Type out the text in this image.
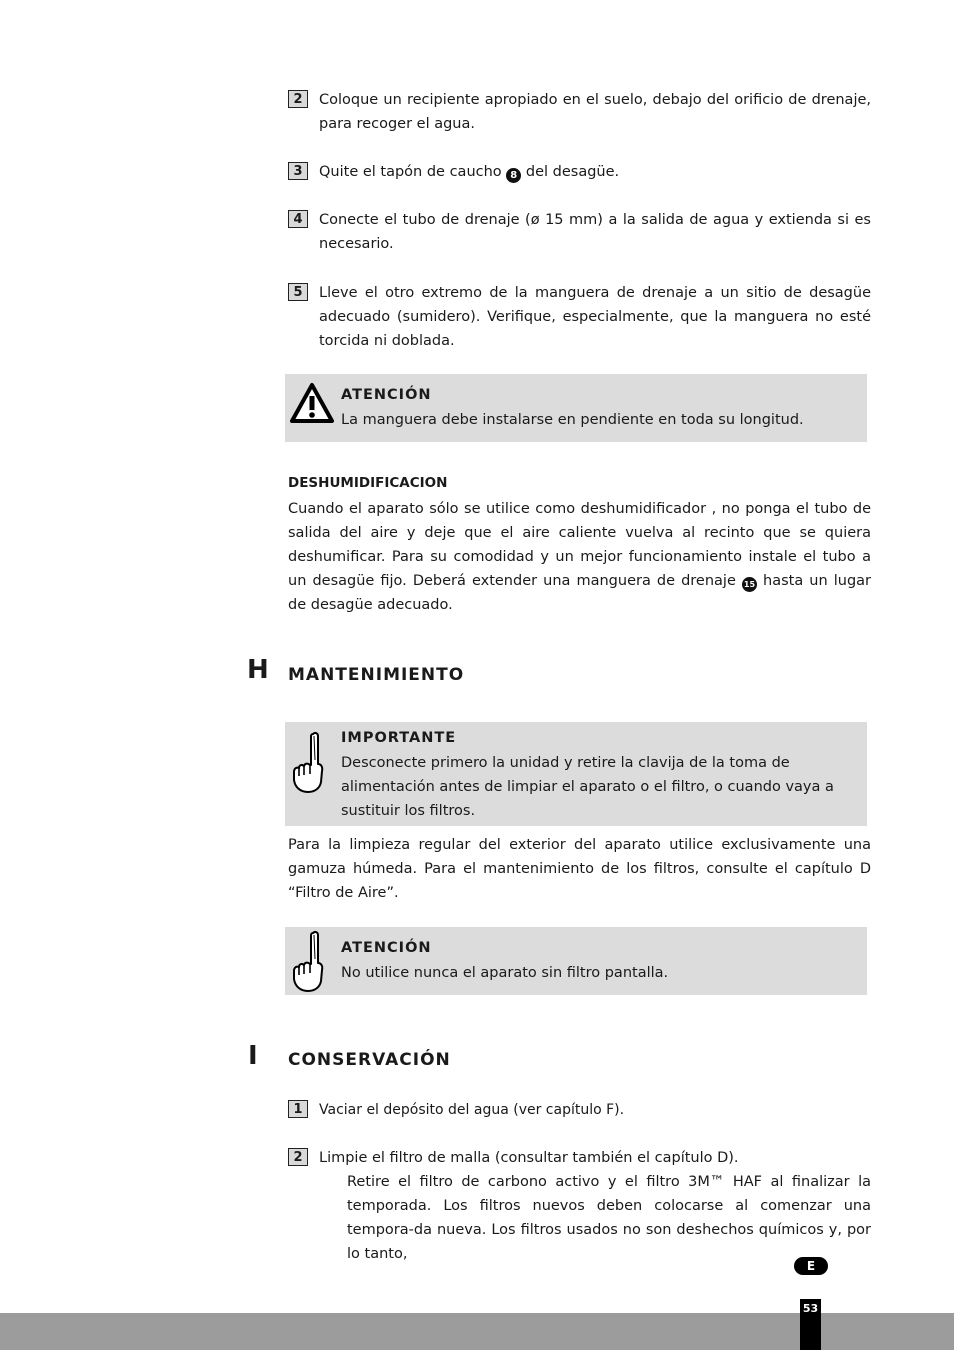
2	Coloque un recipiente apropiado en el suelo, debajo del orificio de drenaje, para recoger el agua.
3	Quite el tapón de caucho 8 del desagüe.
4	Conecte el tubo de drenaje (ø 15 mm) a la salida de agua y extienda si es necesario.
5	Lleve el otro extremo de la manguera de drenaje a un sitio de desagüe adecuado (sumidero). Verifique, especialmente, que la manguera no esté torcida ni doblada.
ATENCIÓN
La manguera debe instalarse en pendiente en toda su longitud.
DESHUMIDIFICACION
Cuando el aparato sólo se utilice como deshumidificador , no ponga el tubo de salida del aire y deje que el aire caliente vuelva al recinto que se quiera deshumificar. Para su comodidad y un mejor funcionamiento instale el tubo a un desagüe fijo. Deberá extender una manguera de drenaje 15 hasta un lugar de desagüe adecuado.
H MANTENIMIENTO
IMPORTANTE
Desconecte primero la unidad y retire la clavija de la toma de alimentación antes de limpiar el aparato o el filtro, o cuando vaya a sustituir los filtros.
Para la limpieza regular del exterior del aparato utilice exclusivamente una gamuza húmeda. Para el mantenimiento de los filtros, consulte el capítulo D “Filtro de Aire”.
ATENCIÓN
No utilice nunca el aparato sin filtro pantalla.
I CONSERVACIÓN
1	Vaciar el depósito del agua (ver capítulo F).
2	Limpie el filtro de malla (consultar también el capítulo D).
Retire el filtro de carbono activo y el filtro 3M™ HAF al finalizar la temporada. Los filtros nuevos deben colocarse al comenzar una tempora-da nueva. Los filtros usados no son deshechos químicos y, por lo tanto,
E
53
